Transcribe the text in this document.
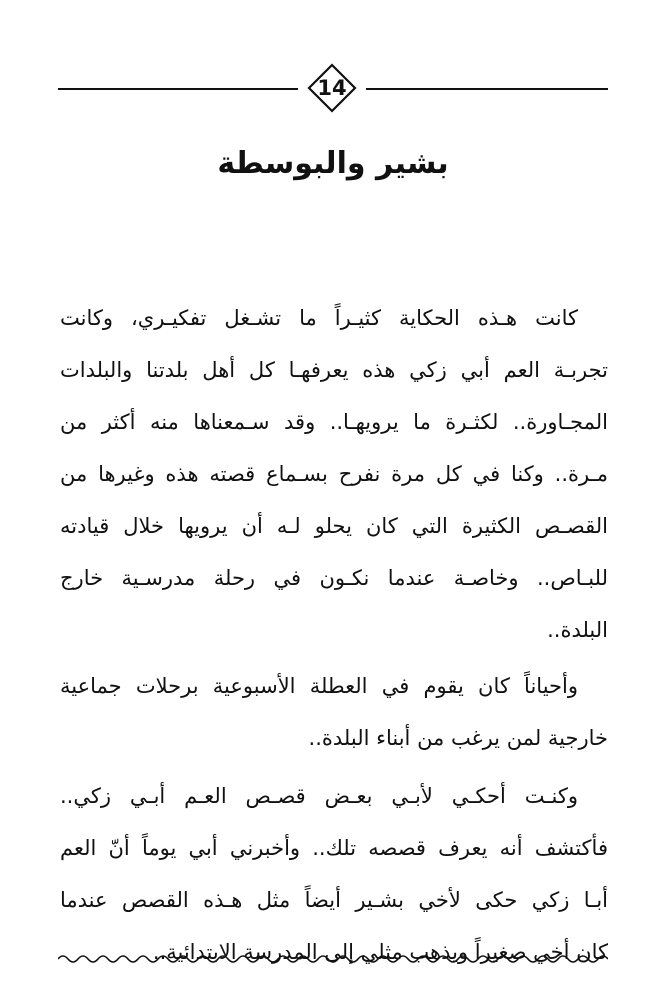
14
بشير والبوسطة

كانت هـذه الحكاية كثيـراً ما تشـغل تفكيـري، وكانت
تجربـة العم أبي زكي هذه يعرفهـا كل أهل بلدتنا والبلدات
المجـاورة.. لكثـرة ما يرويهـا.. وقد سـمعناها منه أكثر من
مـرة.. وكنا في كل مرة نفرح بسـماع قصته هذه وغيرها من
القصـص الكثيرة التي كان يحلو لـه أن يرويها خلال قيادته
للبـاص.. وخاصـة عندما نكـون في رحلة مدرسـية خارج
البلدة..

وأحياناً كان يقوم في العطلة الأسبوعية برحلات جماعية
خارجية لمن يرغب من أبناء البلدة..

وكنـت أحكـي لأبـي بعـض قصـص العـم أبـي زكي..
فأكتشف أنه يعرف قصصه تلك.. وأخبرني أبي يوماً أنّ العم
أبـا زكي حكى لأخي بشـير أيضاً مثل هـذه القصص عندما
كان أخي صغيراً ويذهب مثلي إلى المدرسة الابتدائية..
